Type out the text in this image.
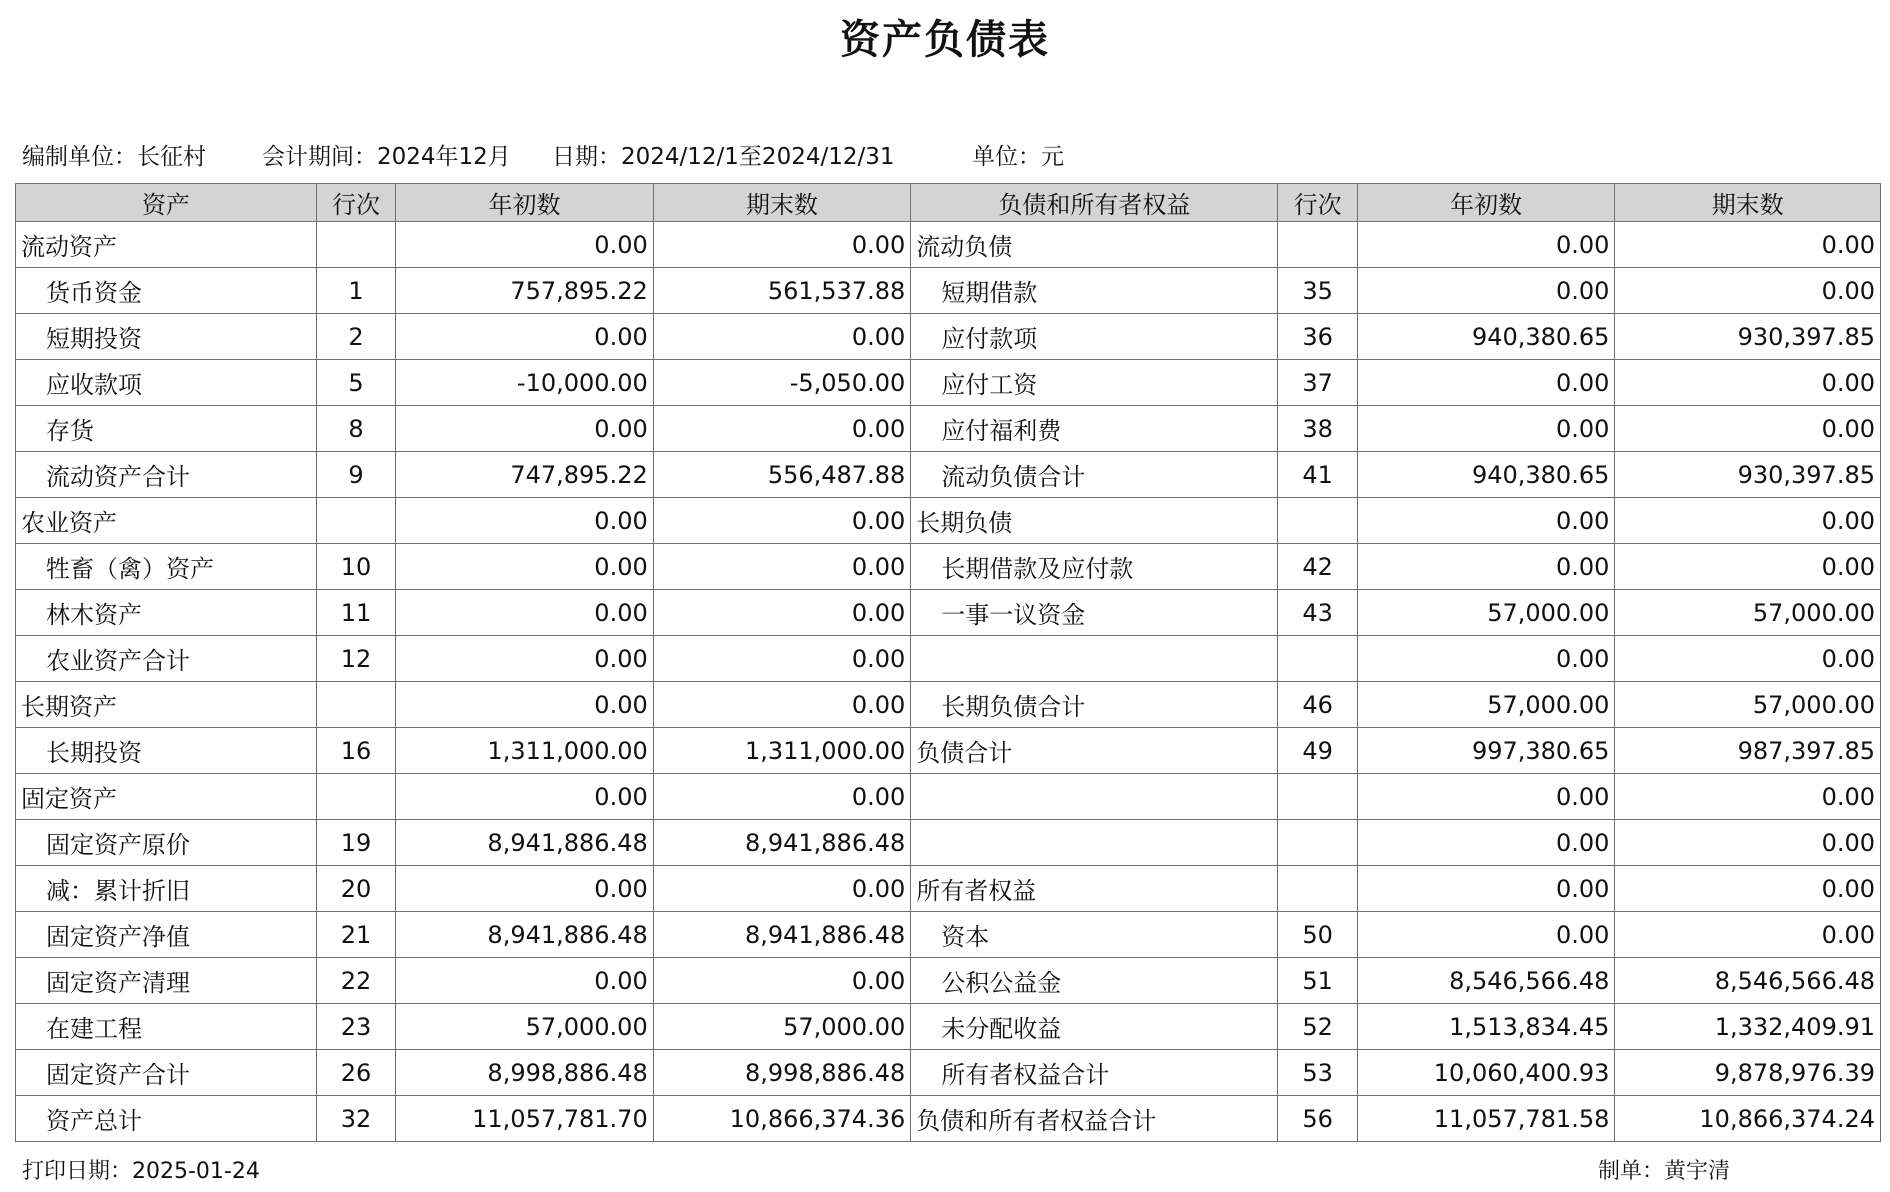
资产负债表
编制单位：长征村 会计期间：2024年12月 日期：2024/12/1至2024/12/31	单位：元
资产	行次	年初数	期末数	负债和所有者权益	行次	年初数	期末数
流动资产		0.00	0.00	流动负债		0.00	0.00
货币资金	1	757,895.22	561,537.88	短期借款	35	0.00	0.00
短期投资	2	0.00	0.00	应付款项	36	940,380.65	930,397.85
应收款项	5	-10,000.00	-5,050.00	应付工资	37	0.00	0.00
存货	8	0.00	0.00	应付福利费	38	0.00	0.00
流动资产合计	9	747,895.22	556,487.88	流动负债合计	41	940,380.65	930,397.85
农业资产		0.00	0.00	长期负债		0.00	0.00
牲畜（禽）资产	10	0.00	0.00	长期借款及应付款	42	0.00	0.00
林木资产	11	0.00	0.00	一事一议资金	43	57,000.00	57,000.00
农业资产合计	12	0.00	0.00			0.00	0.00
长期资产		0.00	0.00	长期负债合计	46	57,000.00	57,000.00
长期投资	16	1,311,000.00	1,311,000.00	负债合计	49	997,380.65	987,397.85
固定资产		0.00	0.00			0.00	0.00
固定资产原价	19	8,941,886.48	8,941,886.48			0.00	0.00
减：累计折旧	20	0.00	0.00	所有者权益		0.00	0.00
固定资产净值	21	8,941,886.48	8,941,886.48	资本	50	0.00	0.00
固定资产清理	22	0.00	0.00	公积公益金	51	8,546,566.48	8,546,566.48
在建工程	23	57,000.00	57,000.00	未分配收益	52	1,513,834.45	1,332,409.91
固定资产合计	26	8,998,886.48	8,998,886.48	所有者权益合计	53	10,060,400.93	9,878,976.39
资产总计	32	11,057,781.70	10,866,374.36	负债和所有者权益合计	56	11,057,781.58	10,866,374.24
打印日期：2025-01-24	制单：黄宇清
